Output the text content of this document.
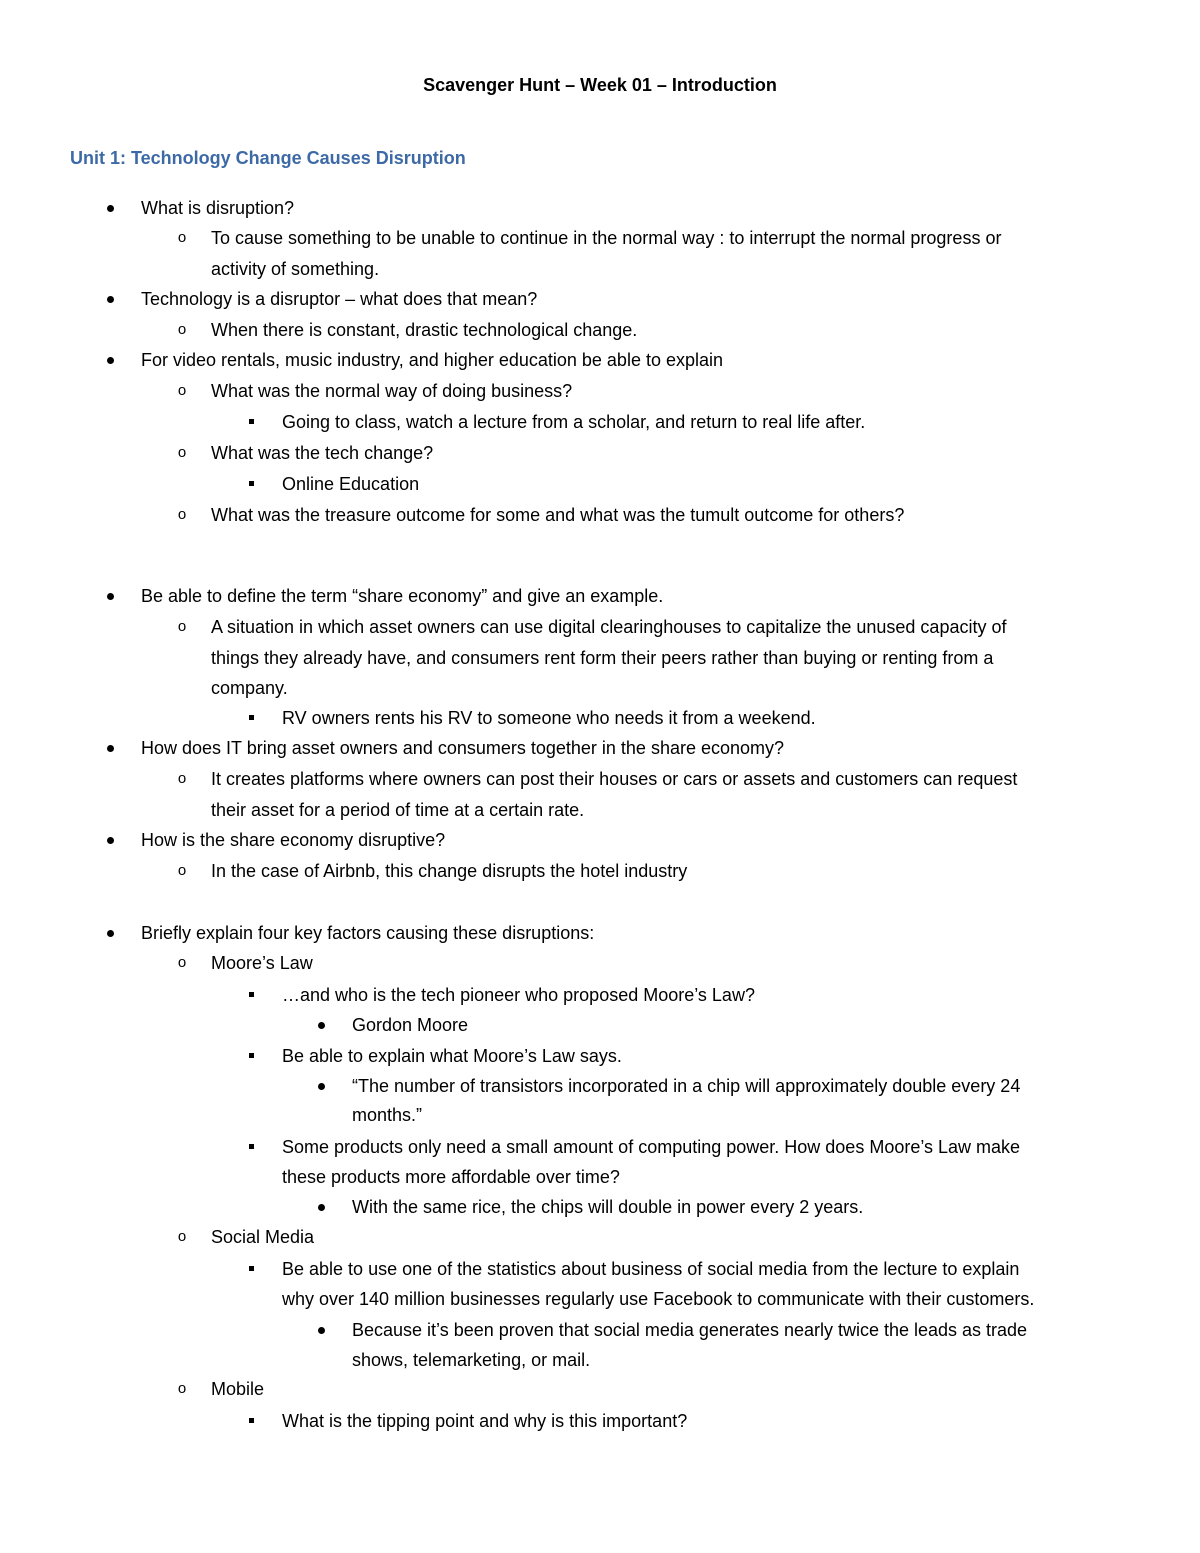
Scavenger Hunt – Week 01 – Introduction
Unit 1: Technology Change Causes Disruption
What is disruption?
o To cause something to be unable to continue in the normal way : to interrupt the normal progress or
activity of something.
Technology is a disruptor – what does that mean?
o When there is constant, drastic technological change.
For video rentals, music industry, and higher education be able to explain
o What was the normal way of doing business?
Going to class, watch a lecture from a scholar, and return to real life after.
o What was the tech change?
Online Education
o What was the treasure outcome for some and what was the tumult outcome for others?
Be able to define the term “share economy” and give an example.
o A situation in which asset owners can use digital clearinghouses to capitalize the unused capacity of
things they already have, and consumers rent form their peers rather than buying or renting from a
company.
RV owners rents his RV to someone who needs it from a weekend.
How does IT bring asset owners and consumers together in the share economy?
o It creates platforms where owners can post their houses or cars or assets and customers can request
their asset for a period of time at a certain rate.
How is the share economy disruptive?
o In the case of Airbnb, this change disrupts the hotel industry
Briefly explain four key factors causing these disruptions:
o Moore’s Law
…and who is the tech pioneer who proposed Moore’s Law?
Gordon Moore
Be able to explain what Moore’s Law says.
“The number of transistors incorporated in a chip will approximately double every 24
months.”
Some products only need a small amount of computing power. How does Moore’s Law make
these products more affordable over time?
With the same rice, the chips will double in power every 2 years.
o Social Media
Be able to use one of the statistics about business of social media from the lecture to explain
why over 140 million businesses regularly use Facebook to communicate with their customers.
Because it’s been proven that social media generates nearly twice the leads as trade
shows, telemarketing, or mail.
o Mobile
What is the tipping point and why is this important?
